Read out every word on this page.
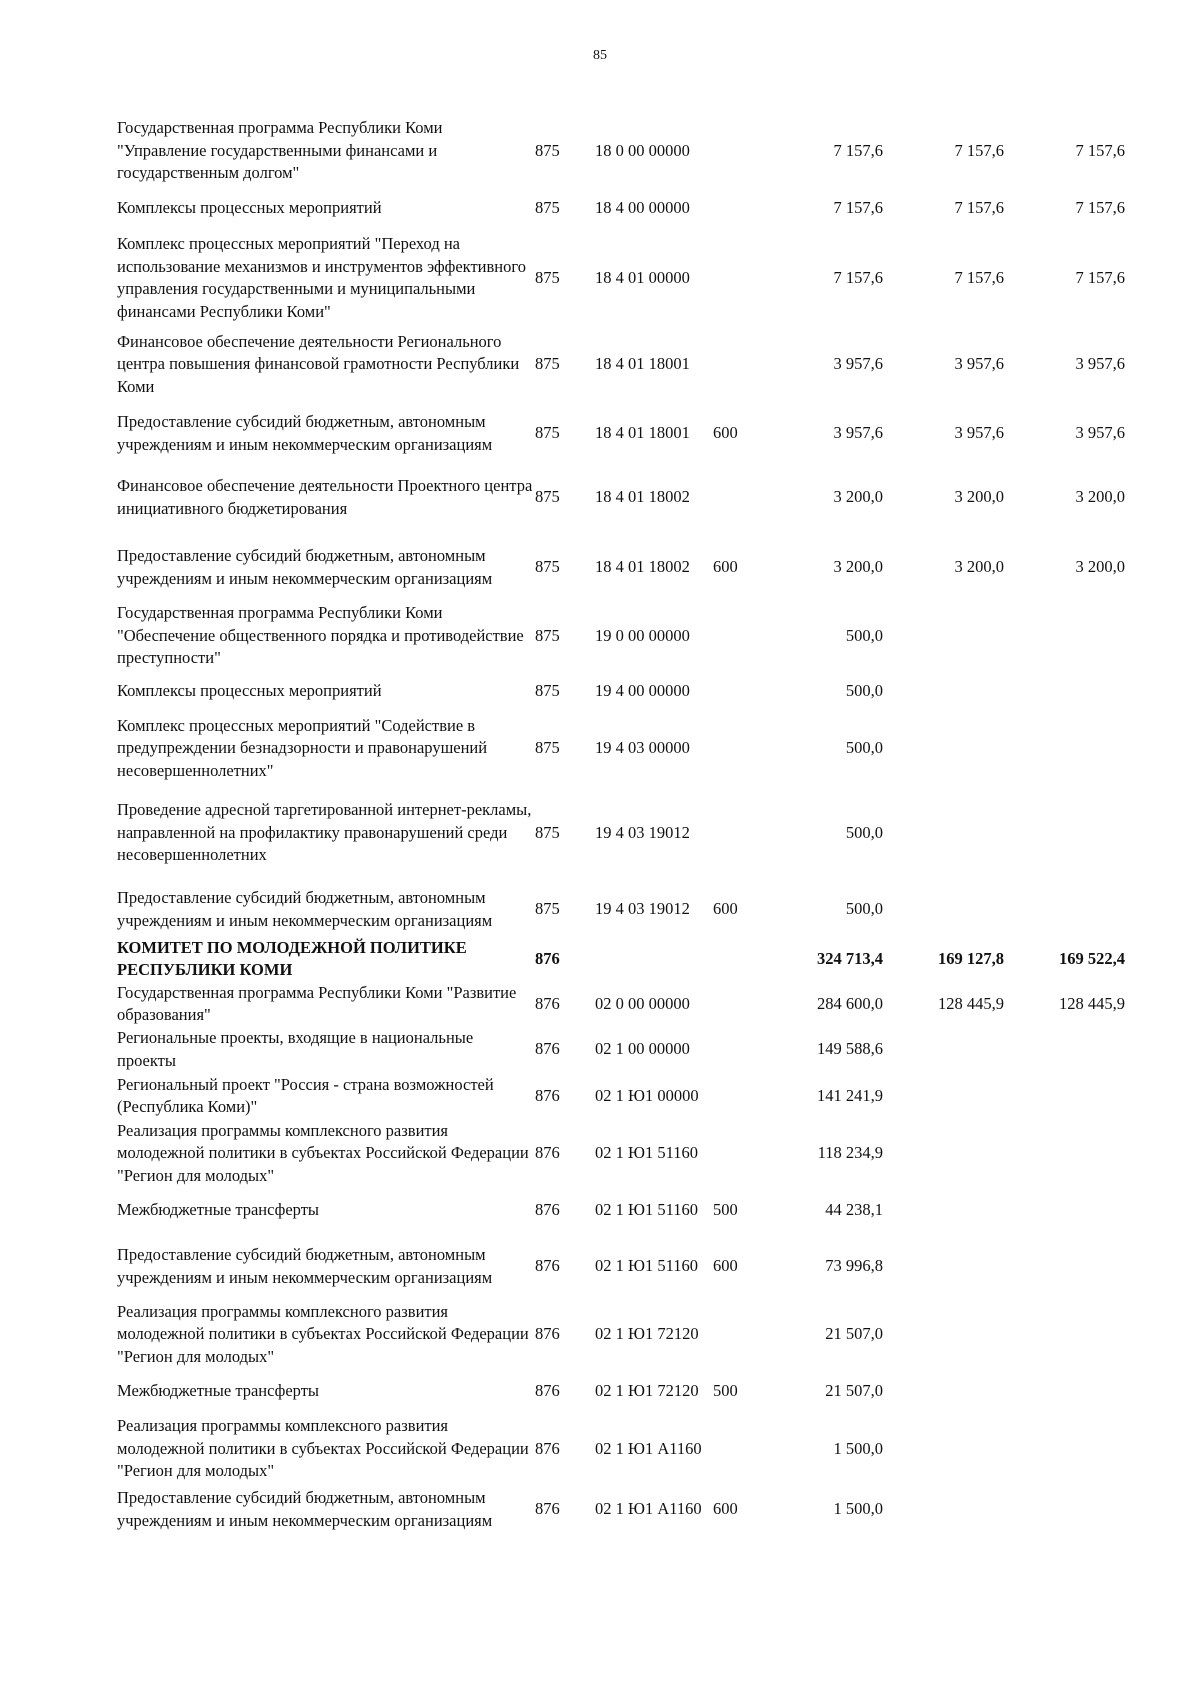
85
Государственная программа Республики Коми "Управление государственными финансами и государственным долгом"	875	18 0 00 00000		7 157,6	7 157,6	7 157,6
Комплексы процессных мероприятий	875	18 4 00 00000		7 157,6	7 157,6	7 157,6
Комплекс процессных мероприятий "Переход на использование механизмов и инструментов эффективного управления государственными и муниципальными финансами Республики Коми"	875	18 4 01 00000		7 157,6	7 157,6	7 157,6
Финансовое обеспечение деятельности Регионального центра повышения финансовой грамотности Республики Коми	875	18 4 01 18001		3 957,6	3 957,6	3 957,6
Предоставление субсидий бюджетным, автономным учреждениям и иным некоммерческим организациям	875	18 4 01 18001	600	3 957,6	3 957,6	3 957,6
Финансовое обеспечение деятельности Проектного центра инициативного бюджетирования	875	18 4 01 18002		3 200,0	3 200,0	3 200,0
Предоставление субсидий бюджетным, автономным учреждениям и иным некоммерческим организациям	875	18 4 01 18002	600	3 200,0	3 200,0	3 200,0
Государственная программа Республики Коми "Обеспечение общественного порядка и противодействие преступности"	875	19 0 00 00000		500,0		
Комплексы процессных мероприятий	875	19 4 00 00000		500,0		
Комплекс процессных мероприятий "Содействие в предупреждении безнадзорности и правонарушений несовершеннолетних"	875	19 4 03 00000		500,0		
Проведение адресной таргетированной интернет-рекламы, направленной на профилактику правонарушений среди несовершеннолетних	875	19 4 03 19012		500,0		
Предоставление субсидий бюджетным, автономным учреждениям и иным некоммерческим организациям	875	19 4 03 19012	600	500,0		
КОМИТЕТ ПО МОЛОДЕЖНОЙ ПОЛИТИКЕ РЕСПУБЛИКИ КОМИ	876			324 713,4	169 127,8	169 522,4
Государственная программа Республики Коми "Развитие образования"	876	02 0 00 00000		284 600,0	128 445,9	128 445,9
Региональные проекты, входящие в национальные проекты	876	02 1 00 00000		149 588,6		
Региональный проект "Россия - страна возможностей (Республика Коми)"	876	02 1 Ю1 00000		141 241,9		
Реализация программы комплексного развития молодежной политики в субъектах Российской Федерации "Регион для молодых"	876	02 1 Ю1 51160		118 234,9		
Межбюджетные трансферты	876	02 1 Ю1 51160	500	44 238,1		
Предоставление субсидий бюджетным, автономным учреждениям и иным некоммерческим организациям	876	02 1 Ю1 51160	600	73 996,8		
Реализация программы комплексного развития молодежной политики в субъектах Российской Федерации "Регион для молодых"	876	02 1 Ю1 72120		21 507,0		
Межбюджетные трансферты	876	02 1 Ю1 72120	500	21 507,0		
Реализация программы комплексного развития молодежной политики в субъектах Российской Федерации "Регион для молодых"	876	02 1 Ю1 A1160		1 500,0		
Предоставление субсидий бюджетным, автономным учреждениям и иным некоммерческим организациям	876	02 1 Ю1 A1160	600	1 500,0		
